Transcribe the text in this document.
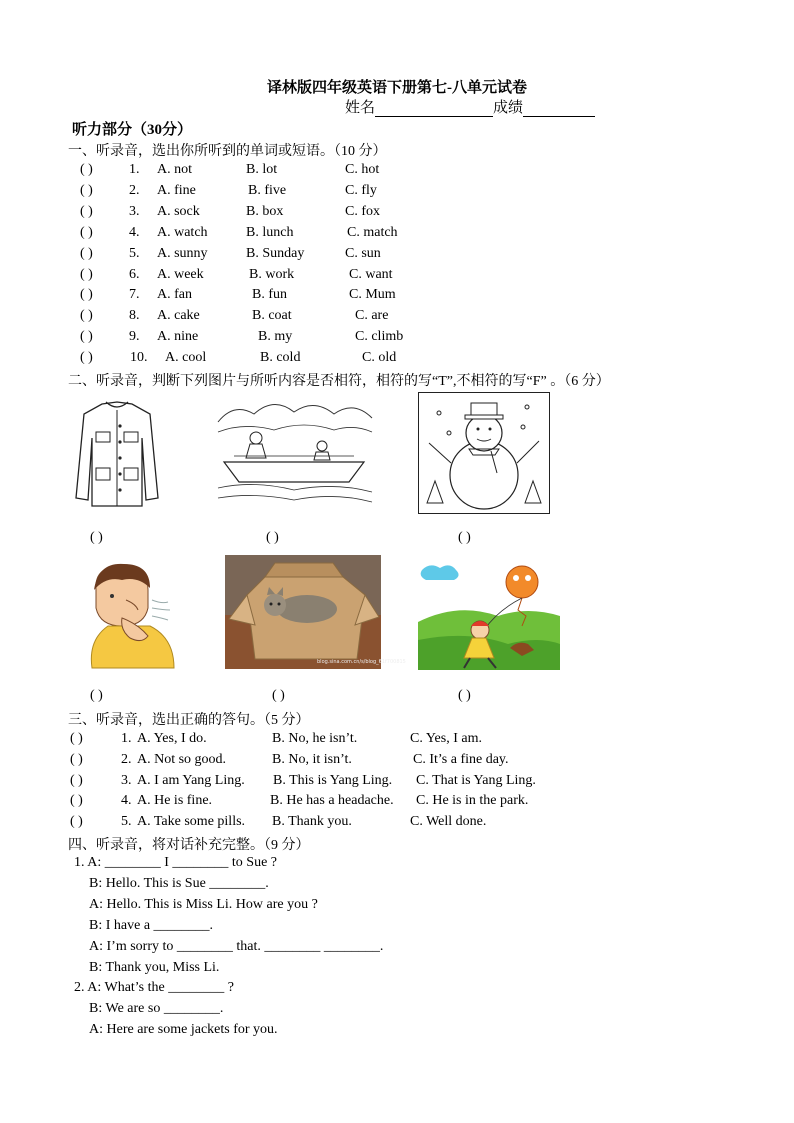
译林版四年级英语下册第七-八单元试卷
姓名	成绩
听力部分（30分）
一、听录音，选出你所听到的单词或短语。（10 分）
( )	1. A. not	B. lot	C. hot
( )	2. A. fine	B. five	C. fly
( )	3. A. sock	B. box	C. fox
( )	4. A. watch	B. lunch	C. match
( )	5. A. sunny	B. Sunday	C. sun
( )	6. A. week	B. work	C. want
( )	7. A. fan	B. fun	C. Mum
( )	8. A. cake	B. coat	C. are
( )	9. A. nine	B. my	C. climb
( )	10. A. cool	B. cold	C. old
二、听录音，判断下列图片与所听内容是否相符，相符的写“T”,不相符的写“F” 。（6 分）
( )	( )	( )
blog.sina.com.cn/s/blog_61f700815
( )	( )	( )
三、听录音，选出正确的答句。（5 分）
( )	1. A. Yes, I do.	B. No, he isn’t.	C. Yes, I am.
( )	2. A. Not so good.	B. No, it isn’t.	C. It’s a fine day.
( )	3. A. I am Yang Ling. B. This is Yang Ling. C. That is Yang Ling.
( )	4. A. He is fine.	B. He has a headache. C. He is in the park.
( )	5. A. Take some pills. B. Thank you.	C. Well done.
四、听录音，将对话补充完整。（9 分）
1. A: ________ I ________ to Sue ?
B: Hello. This is Sue ________.
A: Hello. This is Miss Li. How are you ?
B: I have a ________.
A: I’m sorry to ________ that. ________ ________.
B: Thank you, Miss Li.
2. A: What’s the ________ ?
B: We are so ________.
A: Here are some jackets for you.
